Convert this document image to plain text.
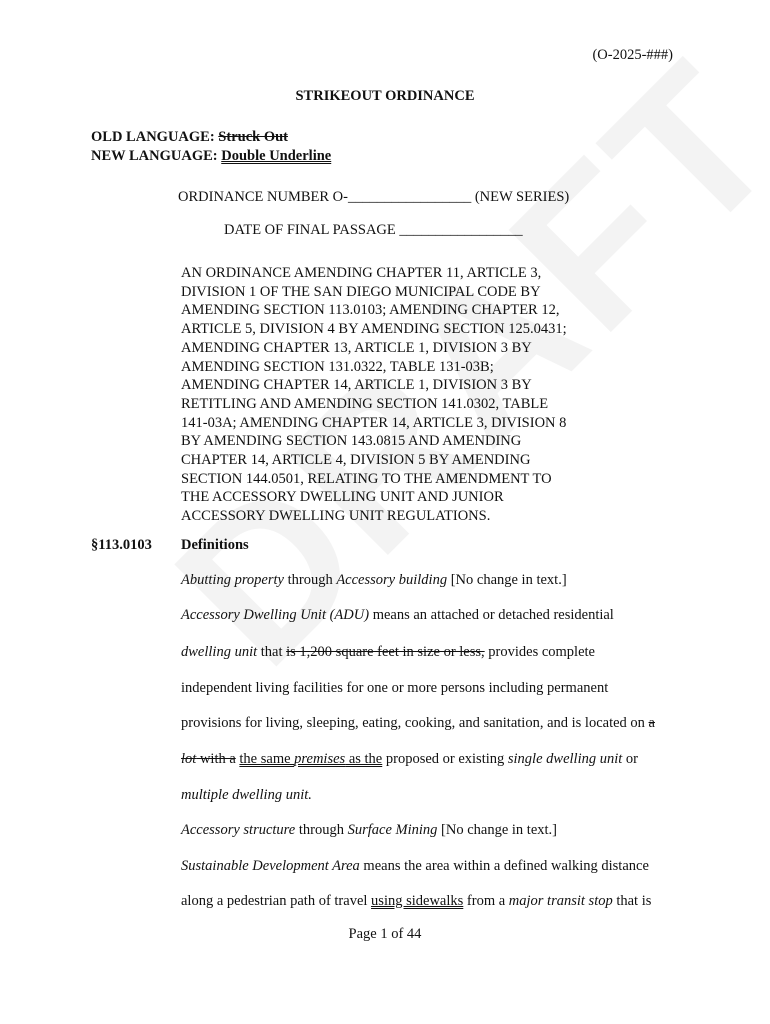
(O-2025-###)
STRIKEOUT ORDINANCE
OLD LANGUAGE: Struck Out
NEW LANGUAGE: Double Underline
ORDINANCE NUMBER O-_________________ (NEW SERIES)
DATE OF FINAL PASSAGE _________________
AN ORDINANCE AMENDING CHAPTER 11, ARTICLE 3,
DIVISION 1 OF THE SAN DIEGO MUNICIPAL CODE BY
AMENDING SECTION 113.0103; AMENDING CHAPTER 12,
ARTICLE 5, DIVISION 4 BY AMENDING SECTION 125.0431;
AMENDING CHAPTER 13, ARTICLE 1, DIVISION 3 BY
AMENDING SECTION 131.0322, TABLE 131-03B;
AMENDING CHAPTER 14, ARTICLE 1, DIVISION 3 BY
RETITLING AND AMENDING SECTION 141.0302, TABLE
141-03A; AMENDING CHAPTER 14, ARTICLE 3, DIVISION 8
BY AMENDING SECTION 143.0815 AND AMENDING
CHAPTER 14, ARTICLE 4, DIVISION 5 BY AMENDING
SECTION 144.0501, RELATING TO THE AMENDMENT TO
THE ACCESSORY DWELLING UNIT AND JUNIOR
ACCESSORY DWELLING UNIT REGULATIONS.
§113.0103 Definitions
Abutting property through Accessory building [No change in text.]
Accessory Dwelling Unit (ADU) means an attached or detached residential
dwelling unit that is 1,200 square feet in size or less, provides complete
independent living facilities for one or more persons including permanent
provisions for living, sleeping, eating, cooking, and sanitation, and is located on a
lot with a the same premises as the proposed or existing single dwelling unit or
multiple dwelling unit.
Accessory structure through Surface Mining [No change in text.]
Sustainable Development Area means the area within a defined walking distance
along a pedestrian path of travel using sidewalks from a major transit stop that is
Page 1 of 44
